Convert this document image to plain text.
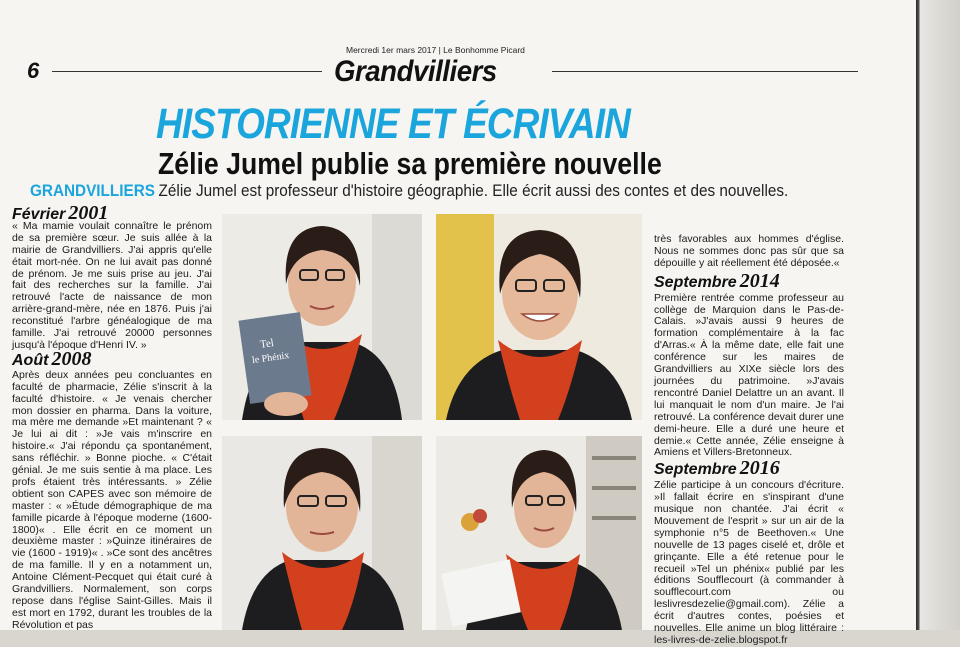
Mercredi 1er mars 2017 | Le Bonhomme Picard
6	Grandvilliers
HISTORIENNE ET ÉCRIVAIN
Zélie Jumel publie sa première nouvelle
GRANDVILLIERS Zélie Jumel est professeur d'histoire géographie. Elle écrit aussi des contes et des nouvelles.
Février 2001

« Ma mamie voulait connaître le prénom de sa première sœur. Je suis allée à la mairie de Grandvilliers. J'ai appris qu'elle était mort-née. On ne lui avait pas donné de prénom. Je me suis prise au jeu. J'ai fait des recherches sur la famille. J'ai retrouvé l'acte de naissance de mon arrière-grand-mère, née en 1876. Puis j'ai reconstitué l'arbre généalogique de ma famille. J'ai retrouvé 20000 personnes jusqu'à l'époque d'Henri IV. »

Août 2008

Après deux années peu concluantes en faculté de pharmacie, Zélie s'inscrit à la faculté d'histoire. « Je venais chercher mon dossier en pharma. Dans la voiture, ma mère me demande »Et maintenant ? « Je lui ai dit : »Je vais m'inscrire en histoire.« J'ai répondu ça spontanément, sans réfléchir. » Bonne pioche. « C'était génial. Je me suis sentie à ma place. Les profs étaient très intéressants. » Zélie obtient son CAPES avec son mémoire de master : « »Étude démographique de ma famille picarde à l'époque moderne (1600-1800)« . Elle écrit en ce moment un deuxième master : »Quinze itinéraires de vie (1600 - 1919)« . »Ce sont des ancêtres de ma famille. Il y en a notamment un, Antoine Clément-Pecquet qui était curé à Grandvilliers. Normalement, son corps repose dans l'église Saint-Gilles. Mais il est mort en 1792, durant les troubles de la Révolution et pas

Tel
le Phénix

très favorables aux hommes d'église. Nous ne sommes donc pas sûr que sa dépouille y ait réellement été déposée.«

Septembre 2014

Première rentrée comme professeur au collège de Marquion dans le Pas-de-Calais. »J'avais aussi 9 heures de formation complémentaire à la fac d'Arras.« À la même date, elle fait une conférence sur les maires de Grandvilliers au XIXe siècle lors des journées du patrimoine. »J'avais rencontré Daniel Delattre un an avant. Il lui manquait le nom d'un maire. Je l'ai retrouvé. La conférence devait durer une demi-heure. Elle a duré une heure et demie.« Cette année, Zélie enseigne à Amiens et Villers-Bretonneux.

Septembre 2016

Zélie participe à un concours d'écriture. »Il fallait écrire en s'inspirant d'une musique non chantée. J'ai écrit « Mouvement de l'esprit » sur un air de la symphonie n°5 de Beethoven.« Une nouvelle de 13 pages ciselé et, drôle et grinçante. Elle a été retenue pour le recueil »Tel un phénix« publié par les éditions Soufflecourt (à commander à soufflecourt.com ou leslivresdezelie@gmail.com). Zélie a écrit d'autres contes, poésies et nouvelles. Elle anime un blog littéraire : les-livres-de-zelie.blogspot.fr
